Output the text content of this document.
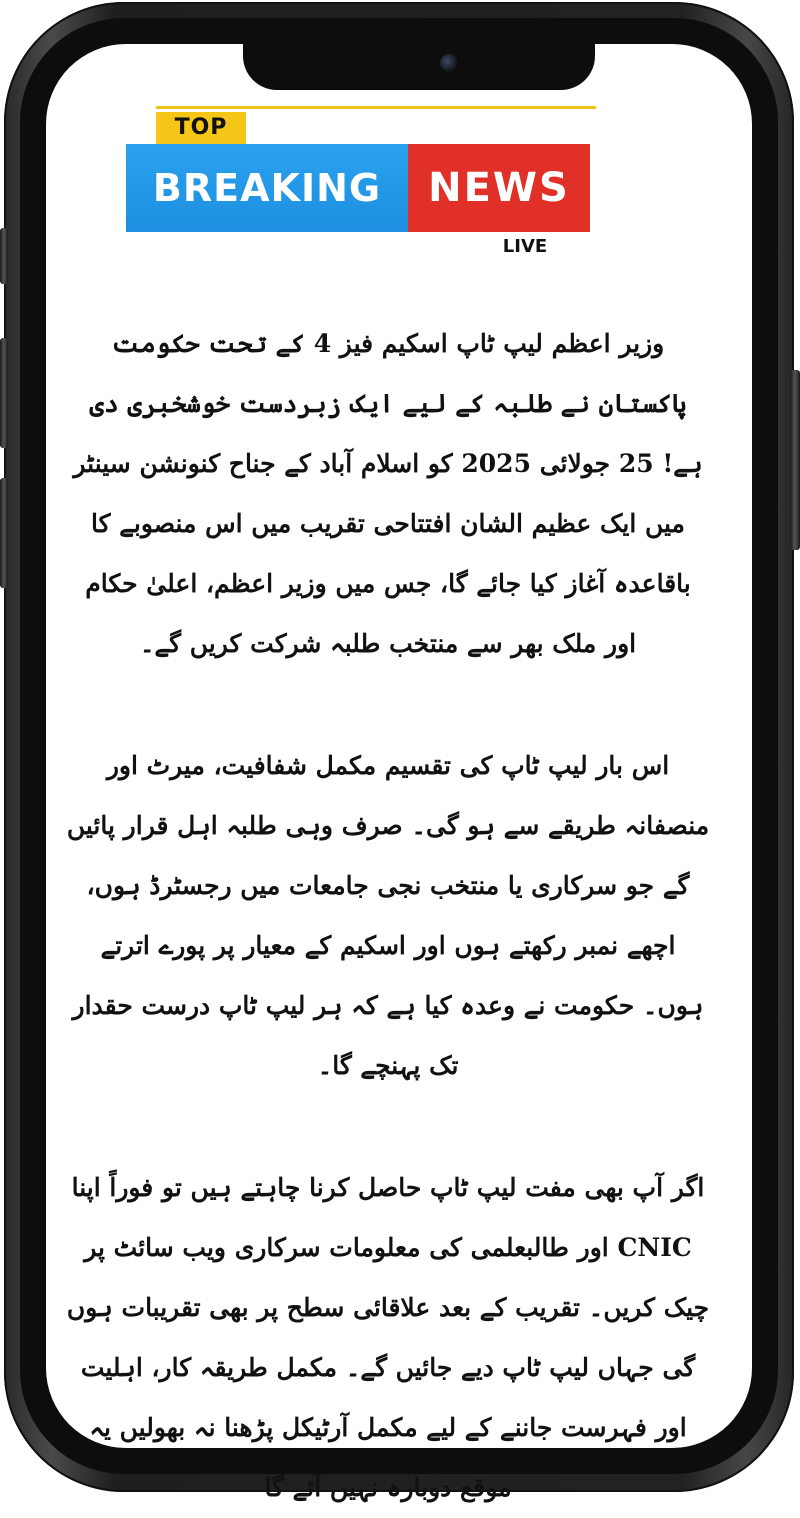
TOP
BREAKING	NEWS
LIVE

وزیر اعظم لیپ ٹاپ اسکیم فیز 4 کے تحت حکومت پاکستان نے طلبہ کے لیے ایک زبردست خوشخبری دی ہے! 25 جولائی 2025 کو اسلام آباد کے جناح کنونشن سینٹر میں ایک عظیم الشان افتتاحی تقریب میں اس منصوبے کا باقاعدہ آغاز کیا جائے گا، جس میں وزیر اعظم، اعلیٰ حکام اور ملک بھر سے منتخب طلبہ شرکت کریں گے۔

اس بار لیپ ٹاپ کی تقسیم مکمل شفافیت، میرٹ اور منصفانہ طریقے سے ہو گی۔ صرف وہی طلبہ اہل قرار پائیں گے جو سرکاری یا منتخب نجی جامعات میں رجسٹرڈ ہوں، اچھے نمبر رکھتے ہوں اور اسکیم کے معیار پر پورے اترتے ہوں۔ حکومت نے وعدہ کیا ہے کہ ہر لیپ ٹاپ درست حقدار تک پہنچے گا۔

اگر آپ بھی مفت لیپ ٹاپ حاصل کرنا چاہتے ہیں تو فوراً اپنا CNIC اور طالبعلمی کی معلومات سرکاری ویب سائٹ پر چیک کریں۔ تقریب کے بعد علاقائی سطح پر بھی تقریبات ہوں گی جہاں لیپ ٹاپ دیے جائیں گے۔ مکمل طریقہ کار، اہلیت اور فہرست جاننے کے لیے مکمل آرٹیکل پڑھنا نہ بھولیں یہ موقع دوبارہ نہیں آئے گا
